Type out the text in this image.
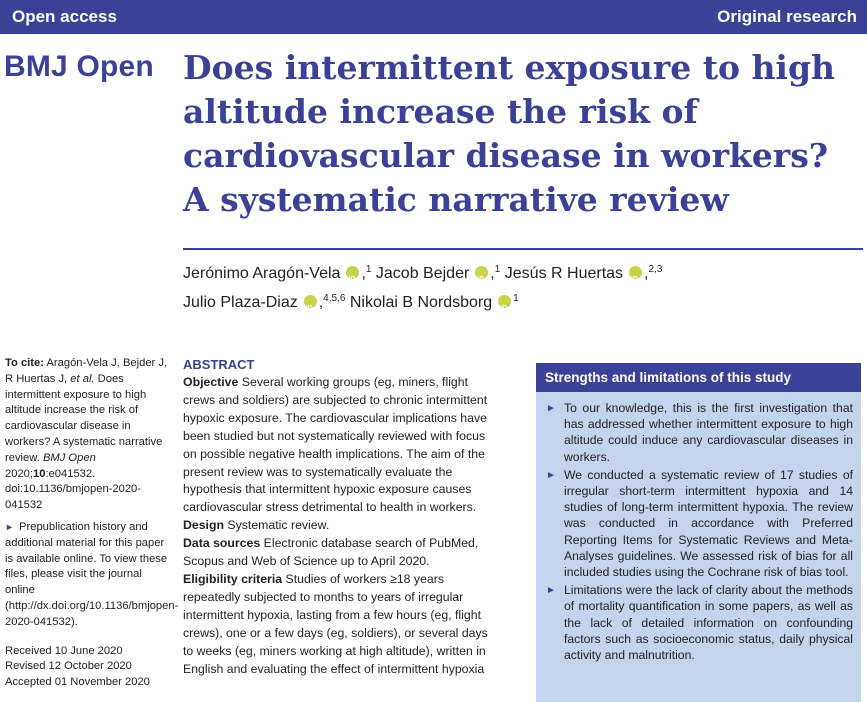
Open access	Original research
BMJ Open Does intermittent exposure to high altitude increase the risk of cardiovascular disease in workers? A systematic narrative review
Jerónimo Aragón-Vela iD ,$^1$ Jacob Bejder iD ,$^1$ Jesús R Huertas iD ,$^{2,3}$
Julio Plaza-Diaz iD ,$^{4,5,6}$ Nikolai B Nordsborg iD $^1$

To cite: Aragón-Vela J, Bejder J, R Huertas J, et al. Does intermittent exposure to high altitude increase the risk of cardiovascular disease in workers? A systematic narrative review. BMJ Open 2020;10:e041532. doi:10.1136/bmjopen-2020-041532

► Prepublication history and additional material for this paper is available online. To view these files, please visit the journal online (http://dx.doi.org/10.1136/bmjopen-2020-041532).

Received 10 June 2020
Revised 12 October 2020
Accepted 01 November 2020

ABSTRACT

Objective Several working groups (eg, miners, flight crews and soldiers) are subjected to chronic intermittent hypoxic exposure. The cardiovascular implications have been studied but not systematically reviewed with focus on possible negative health implications. The aim of the present review was to systematically evaluate the hypothesis that intermittent hypoxic exposure causes cardiovascular stress detrimental to health in workers.

Design Systematic review.

Data sources Electronic database search of PubMed, Scopus and Web of Science up to April 2020.

Eligibility criteria Studies of workers ≥18 years repeatedly subjected to months to years of irregular intermittent hypoxia, lasting from a few hours (eg, flight crews), one or a few days (eg, soldiers), or several days to weeks (eg, miners working at high altitude), written in English and evaluating the effect of intermittent hypoxia

Strengths and limitations of this study
► To our knowledge, this is the first investigation that has addressed whether intermittent exposure to high altitude could induce any cardiovascular diseases in workers.
► We conducted a systematic review of 17 studies of irregular short-term intermittent hypoxia and 14 studies of long-term intermittent hypoxia. The review was conducted in accordance with Preferred Reporting Items for Systematic Reviews and Meta-Analyses guidelines. We assessed risk of bias for all included studies using the Cochrane risk of bias tool.
► Limitations were the lack of clarity about the methods of mortality quantification in some papers, as well as the lack of detailed information on confounding factors such as socioeconomic status, daily physical activity and malnutrition.
